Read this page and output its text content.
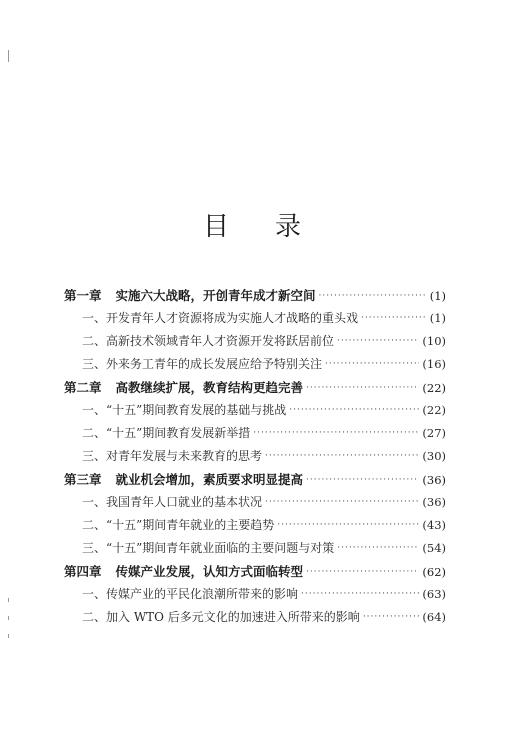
目 录
第一章 实施六大战略，开创青年成才新空间 ·····	(1)
一、开发青年人才资源将成为实施人才战略的重头戏 ·····	(1)
二、高新技术领域青年人才资源开发将跃居前位 ·····	(10)
三、外来务工青年的成长发展应给予特别关注 ·····	(16)
第二章 高教继续扩展，教育结构更趋完善 ·····	(22)
一、“十五”期间教育发展的基础与挑战 ·····	(22)
二、“十五”期间教育发展新举措 ·····	(27)
三、对青年发展与未来教育的思考 ·····	(30)
第三章 就业机会增加，素质要求明显提高 ·····	(36)
一、我国青年人口就业的基本状况 ·····	(36)
二、“十五”期间青年就业的主要趋势 ·····	(43)
三、“十五”期间青年就业面临的主要问题与对策 ·····	(54)
第四章 传媒产业发展，认知方式面临转型 ·····	(62)
一、传媒产业的平民化浪潮所带来的影响 ·····	(63)
二、加入 WTO 后多元文化的加速进入所带来的影响 ·····	(64)
